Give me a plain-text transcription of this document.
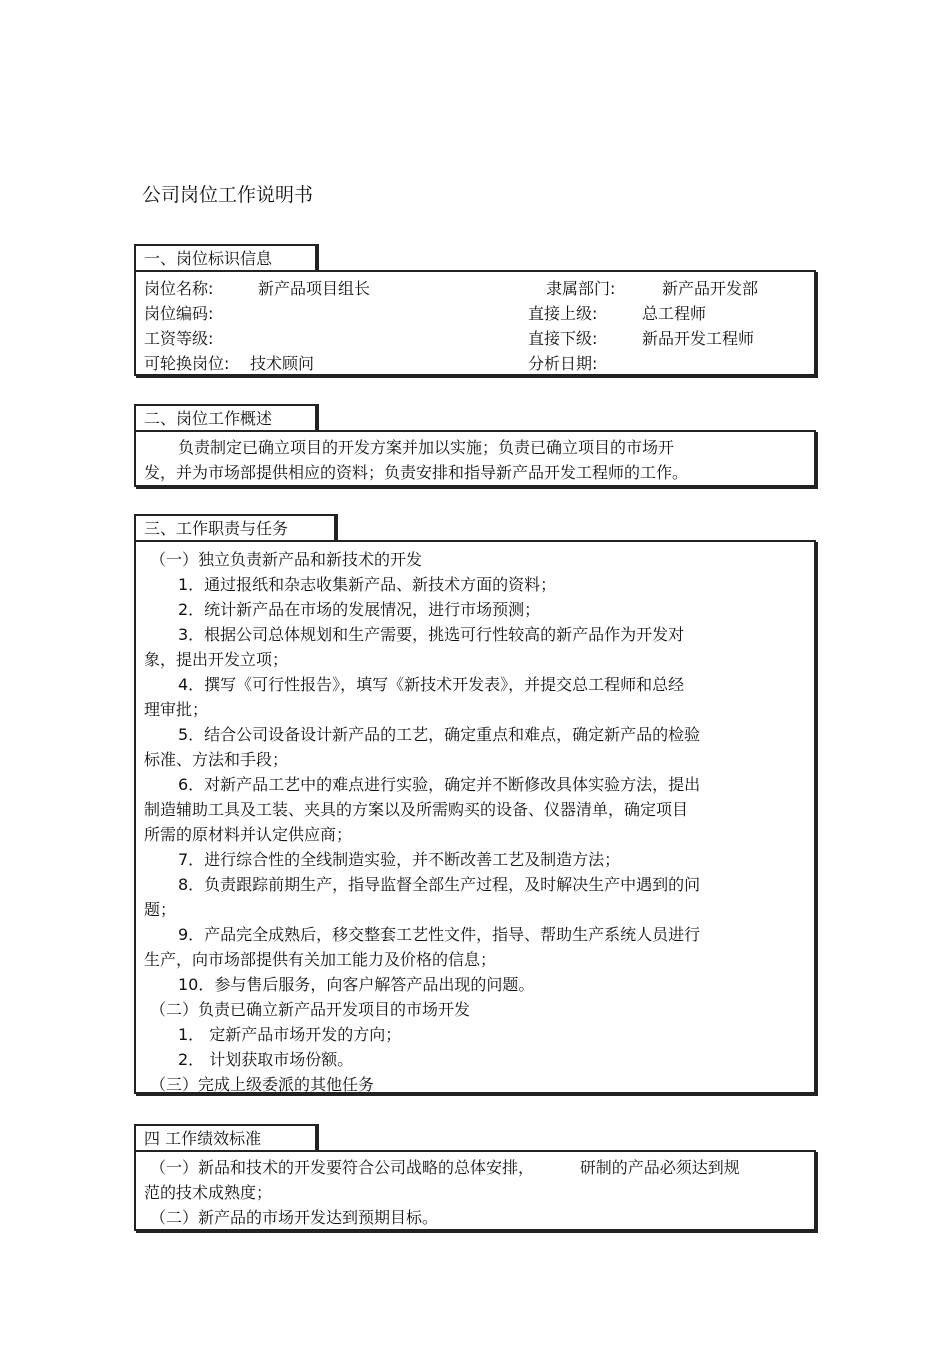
公司岗位工作说明书
一、岗位标识信息
岗位名称:	新产品项目组长	隶属部门:	新产品开发部
岗位编码:	直接上级:	总工程师
工资等级:	直接下级:	新品开发工程师
可轮换岗位: 技术顾问	分析日期:
二、岗位工作概述
负责制定已确立项目的开发方案并加以实施；负责已确立项目的市场开
发，并为市场部提供相应的资料；负责安排和指导新产品开发工程师的工作。
三、工作职责与任务
（一）独立负责新产品和新技术的开发
1．通过报纸和杂志收集新产品、新技术方面的资料；
2．统计新产品在市场的发展情况，进行市场预测；
3．根据公司总体规划和生产需要，挑选可行性较高的新产品作为开发对
象，提出开发立项；
4．撰写《可行性报告》，填写《新技术开发表》，并提交总工程师和总经
理审批；
5．结合公司设备设计新产品的工艺，确定重点和难点，确定新产品的检验
标准、方法和手段；
6．对新产品工艺中的难点进行实验，确定并不断修改具体实验方法，提出
制造辅助工具及工装、夹具的方案以及所需购买的设备、仪器清单，确定项目
所需的原材料并认定供应商；
7．进行综合性的全线制造实验，并不断改善工艺及制造方法；
8．负责跟踪前期生产，指导监督全部生产过程，及时解决生产中遇到的问
题；
9．产品完全成熟后，移交整套工艺性文件，指导、帮助生产系统人员进行
生产，向市场部提供有关加工能力及价格的信息；
10．参与售后服务，向客户解答产品出现的问题。
（二）负责已确立新产品开发项目的市场开发
1． 定新产品市场开发的方向；
2． 计划获取市场份额。
（三）完成上级委派的其他任务
四 工作绩效标准
（一）新品和技术的开发要符合公司战略的总体安排，         研制的产品必须达到规
范的技术成熟度；
（二）新产品的市场开发达到预期目标。
